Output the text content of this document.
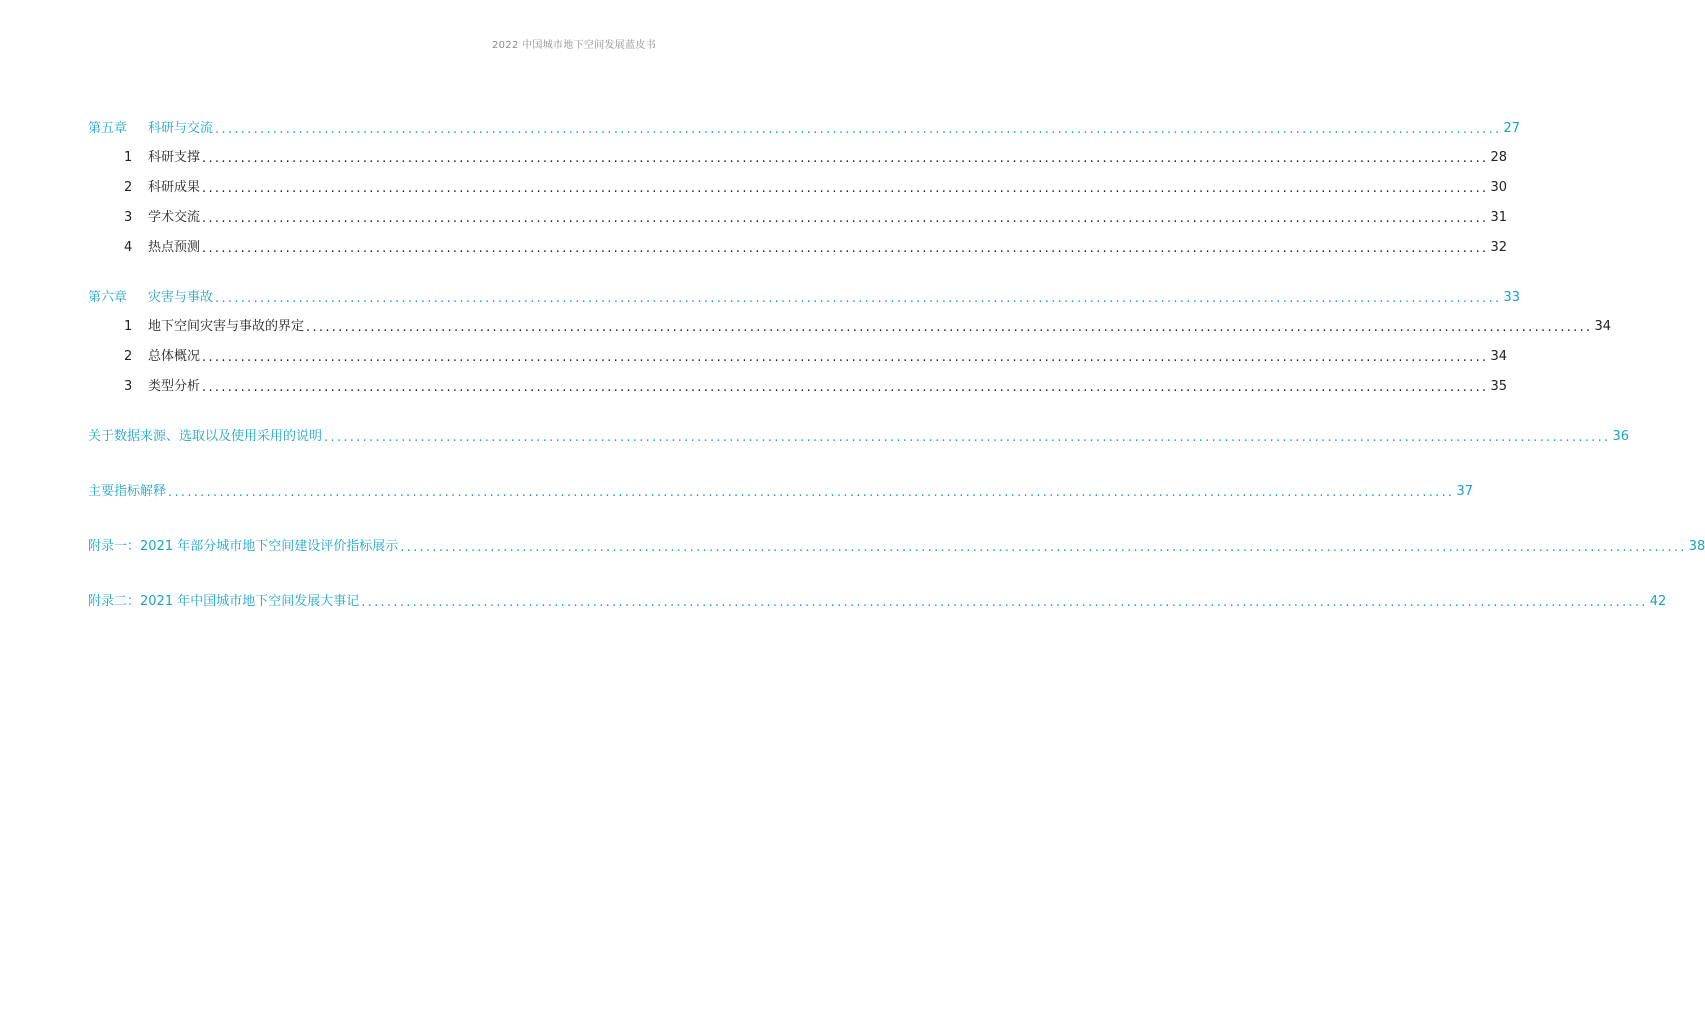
2022 中国城市地下空间发展蓝皮书
第五章 科研与交流 ........................................................................................................................................................................................................ 27
1 科研支撑 ........................................................................................................................................................................................................ 28
2 科研成果 ........................................................................................................................................................................................................ 30
3 学术交流 ........................................................................................................................................................................................................ 31
4 热点预测 ........................................................................................................................................................................................................ 32
第六章 灾害与事故 ........................................................................................................................................................................................................ 33
1 地下空间灾害与事故的界定 ........................................................................................................................................................................................................ 34
2 总体概况 ........................................................................................................................................................................................................ 34
3 类型分析 ........................................................................................................................................................................................................ 35
关于数据来源、选取以及使用采用的说明 ........................................................................................................................................................................................................ 36
主要指标解释 ........................................................................................................................................................................................................ 37
附录一：2021 年部分城市地下空间建设评价指标展示 ........................................................................................................................................................................................................ 38
附录二：2021 年中国城市地下空间发展大事记 ........................................................................................................................................................................................................ 42
